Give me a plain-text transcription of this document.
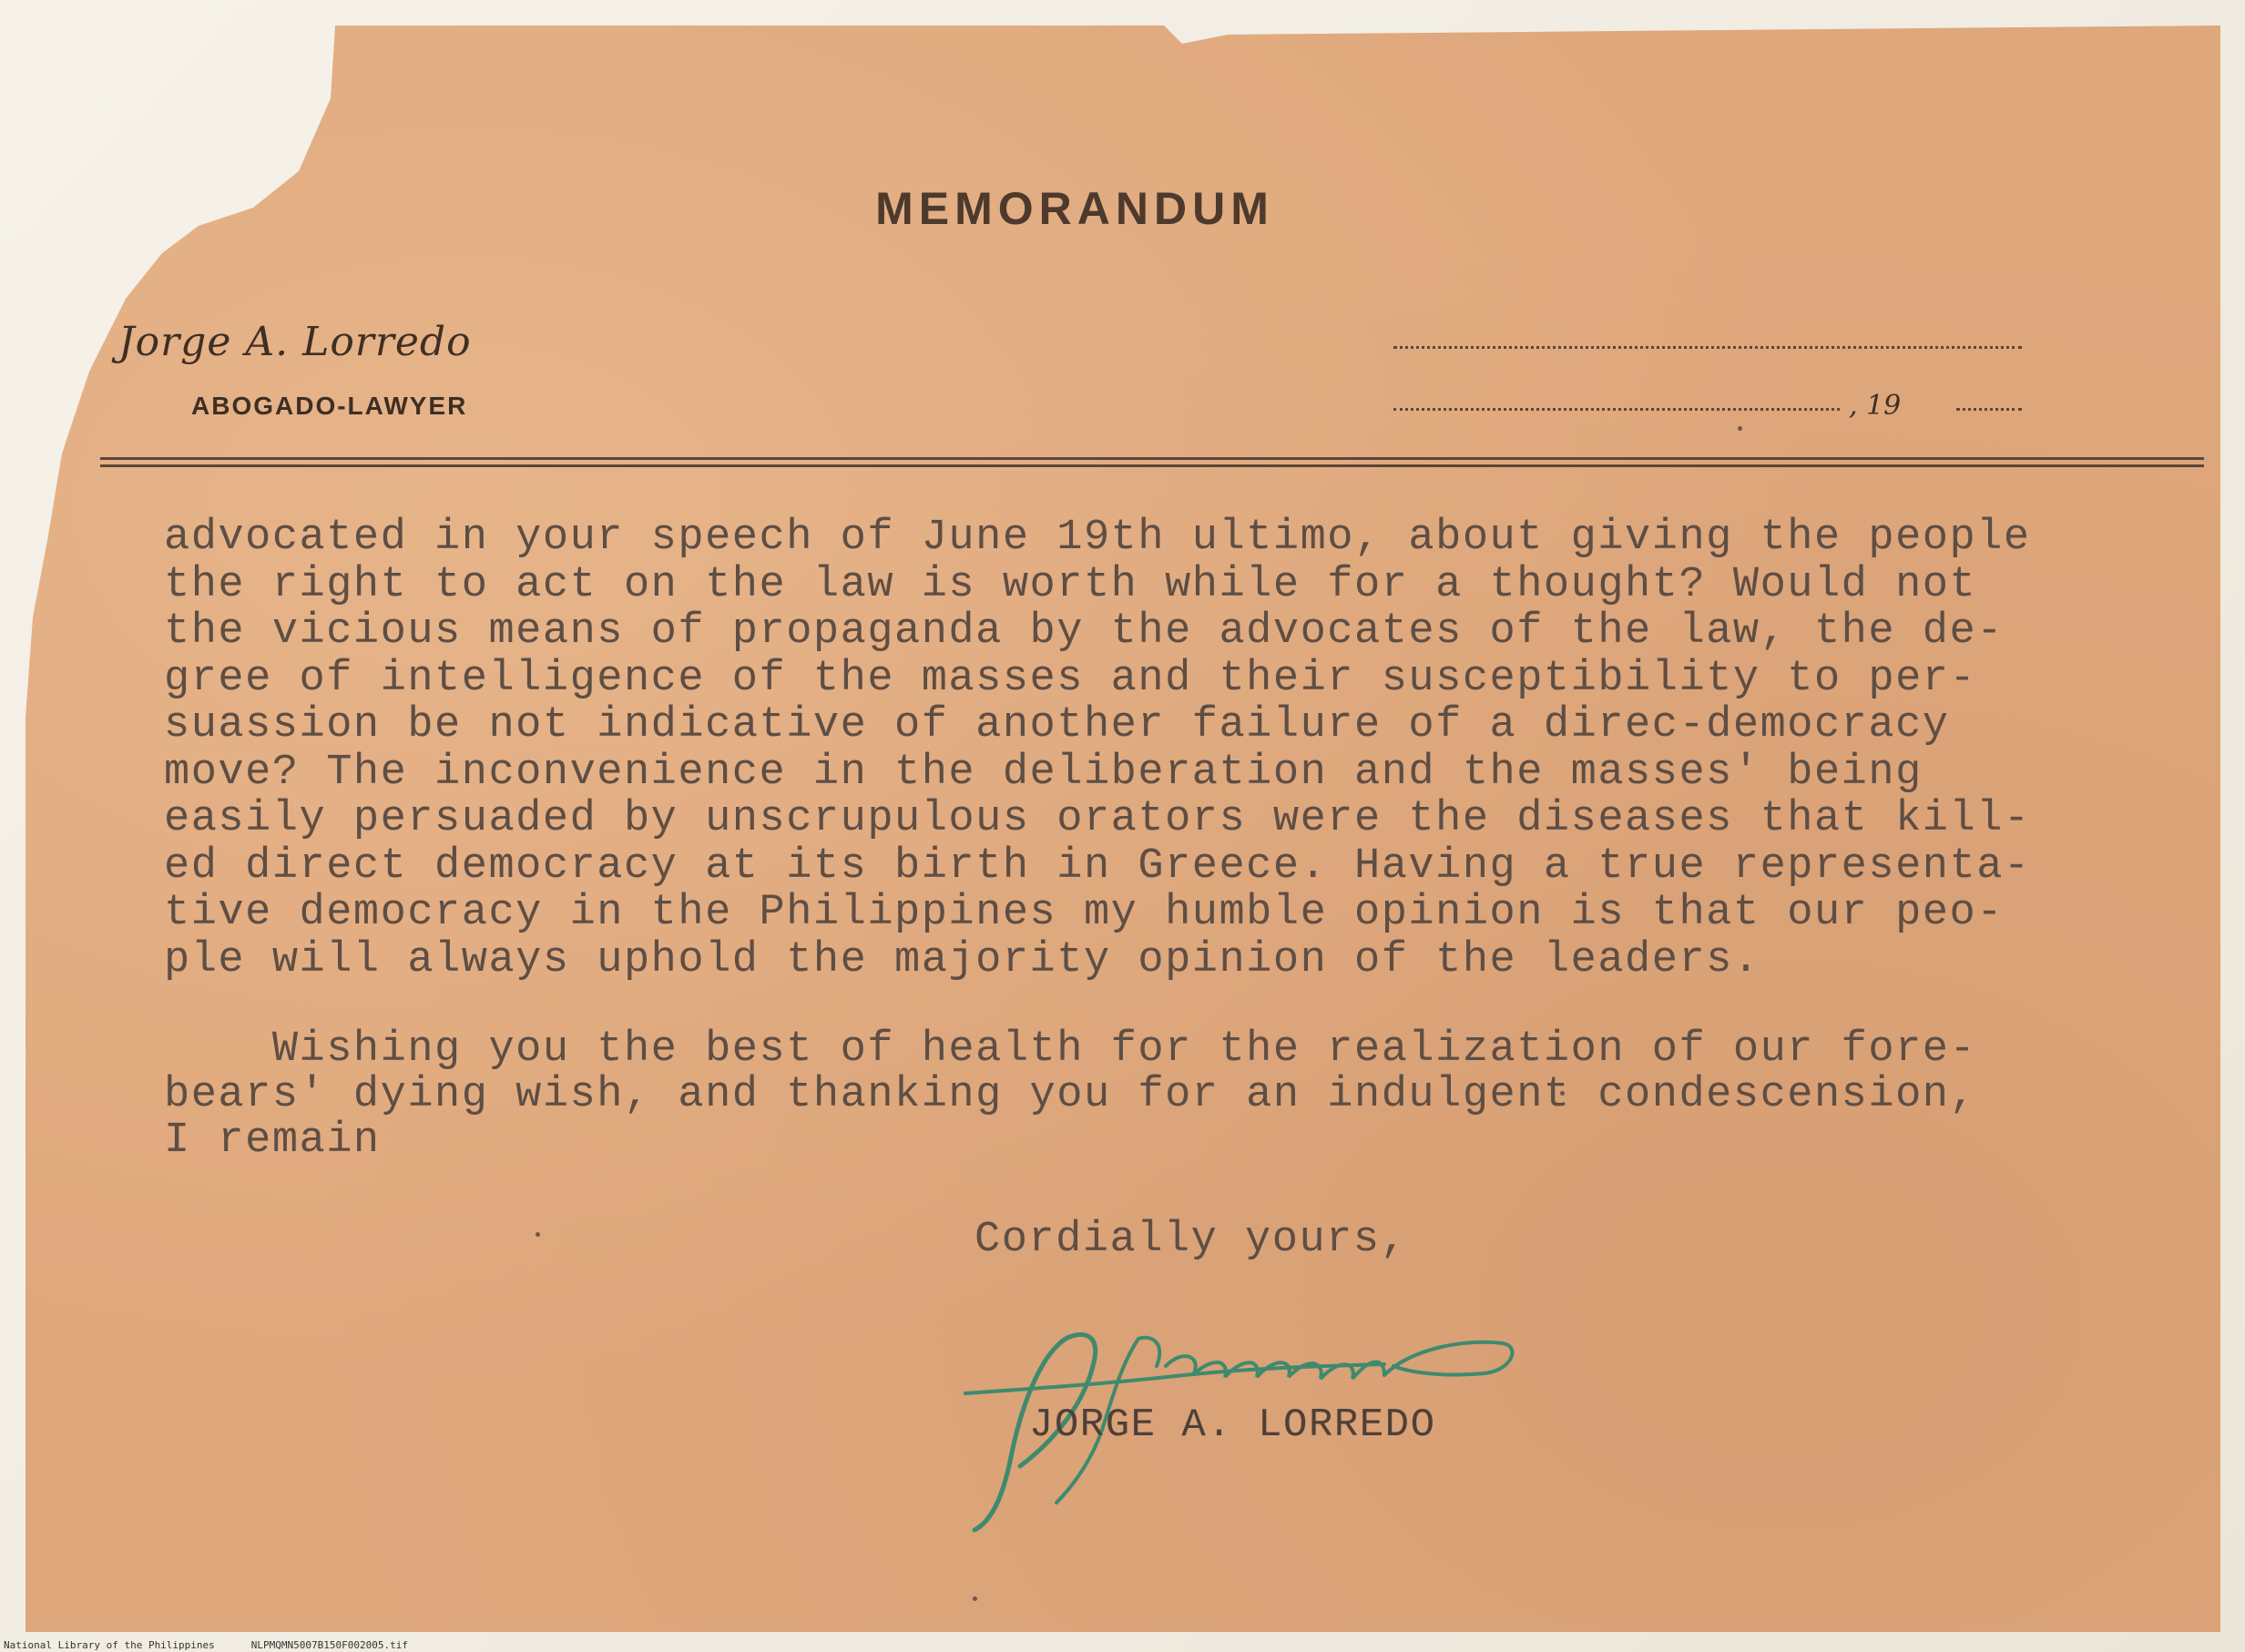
MEMORANDUM
Jorge A. Lorredo
ABOGADO-LAWYER	, 19
advocated in your speech of June 19th ultimo, about giving the people
the right to act on the law is worth while for a thought? Would not
the vicious means of propaganda by the advocates of the law, the de-
gree of intelligence of the masses and their susceptibility to per-
suassion be not indicative of another failure of a direc-democracy
move? The inconvenience in the deliberation and the masses' being
easily persuaded by unscrupulous orators were the diseases that kill-
ed direct democracy at its birth in Greece. Having a true representa-
tive democracy in the Philippines my humble opinion is that our peo-
ple will always uphold the majority opinion of the leaders.
Wishing you the best of health for the realization of our fore-
bears' dying wish, and thanking you for an indulgent condescension,
I remain
Cordially yours,
JORGE A. LORREDO
National Library of the Philippines	NLPMQMN5007B150F002005.tif
